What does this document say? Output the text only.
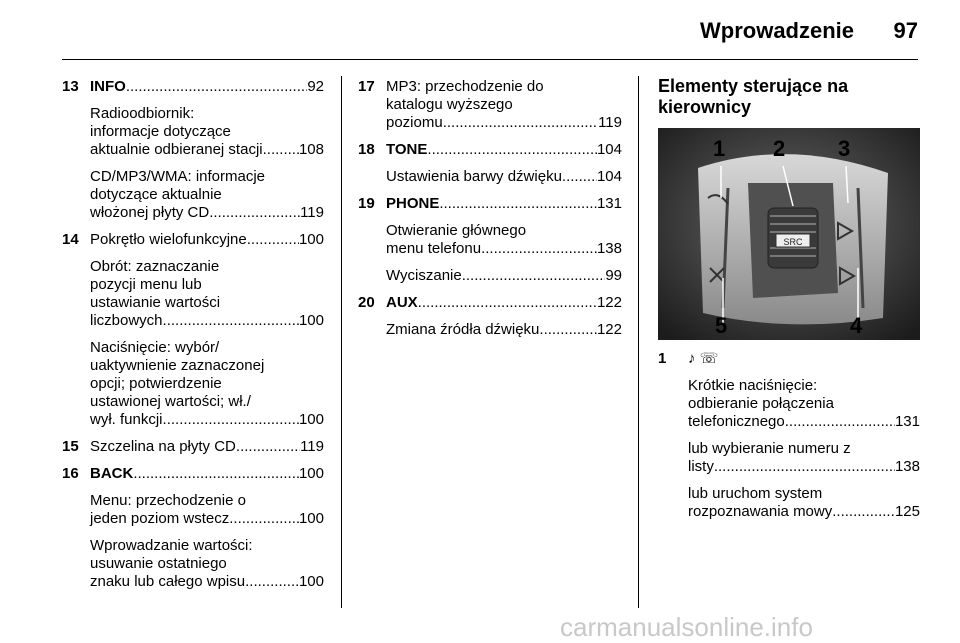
Wprowadzenie 97
13 INFO .....	92
Radioodbiornik:
informacje dotyczące
aktualnie odbieranej stacji ..... 108
CD/MP3/WMA: informacje
dotyczące aktualnie
włożonej płyty CD .....	119
14 Pokrętło wielofunkcyjne .....	100
Obrót: zaznaczanie
pozycji menu lub
ustawianie wartości
liczbowych .....	100
Naciśnięcie: wybór/
uaktywnienie zaznaczonej
opcji; potwierdzenie
ustawionej wartości; wł./
wył. funkcji .....	100
15 Szczelina na płyty CD .....	119
16 BACK .....	100
Menu: przechodzenie o
jeden poziom wstecz .....	100
Wprowadzanie wartości:
usuwanie ostatniego
znaku lub całego wpisu .....	100
17 MP3: przechodzenie do
katalogu wyższego
poziomu .....	119
18 TONE .....	104
Ustawienia barwy dźwięku ..... 104
19 PHONE .....	131
Otwieranie głównego
menu telefonu .....	138
Wyciszanie .....	99
20 AUX .....	122
Zmiana źródła dźwięku .....	122
Elementy sterujące na
kierownicy
SRC
1 2 3
4
5
1 ♪ ☏
Krótkie naciśnięcie:
odbieranie połączenia
telefonicznego .....	131
lub wybieranie numeru z
listy .....	138
lub uruchom system
rozpoznawania mowy .....	125
carmanualsonline.info
